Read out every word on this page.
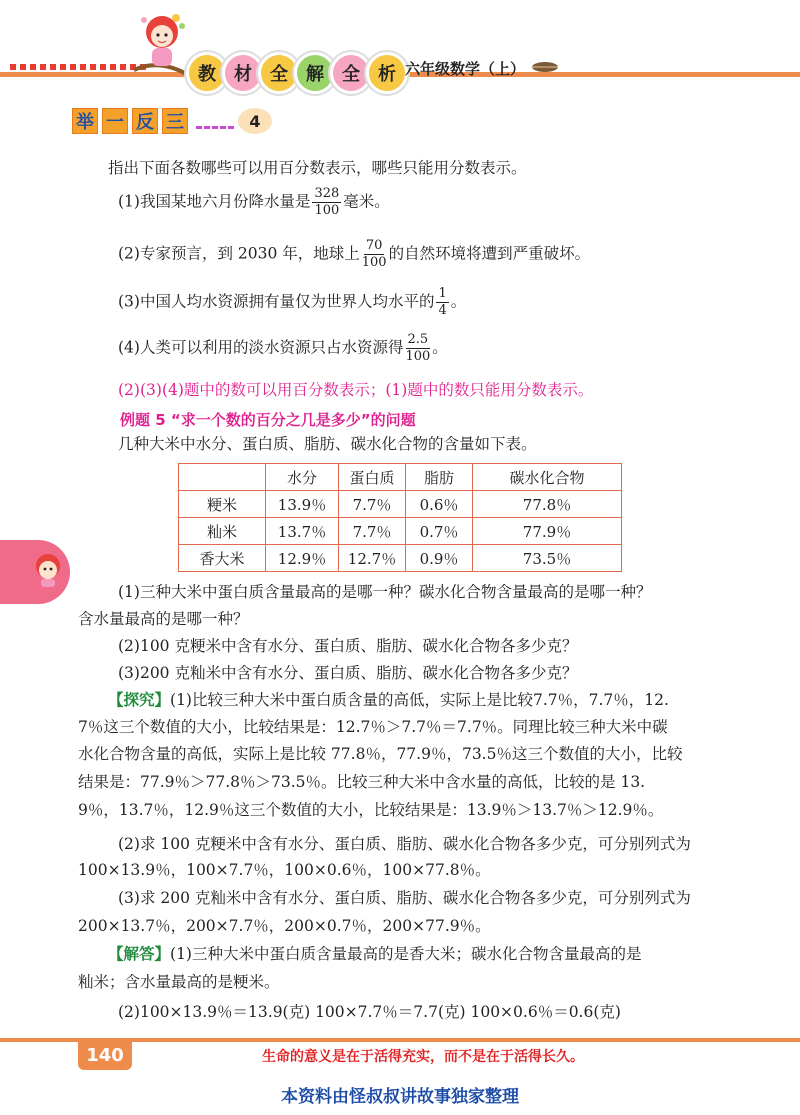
教	材	全	解	全	析 六年级数学（上）
举 一 反 三	4
指出下面各数哪些可以用百分数表示，哪些只能用分数表示。
(1)我国某地六月份降水量是 $\frac{328}{100}$ 毫米。
(2)专家预言，到 2030 年，地球上 $\frac{70}{100}$ 的自然环境将遭到严重破坏。
(3)中国人均水资源拥有量仅为世界人均水平的 $\frac{1}{4}$ 。
(4)人类可以利用的淡水资源只占水资源得 $\frac{2.5}{100}$ 。
(2)(3)(4)题中的数可以用百分数表示；(1)题中的数只能用分数表示。
例题 5 “求一个数的百分之几是多少”的问题
几种大米中水分、蛋白质、脂肪、碳水化合物的含量如下表。
	水分	蛋白质	脂肪	碳水化合物
粳米	13.9％	7.7％	0.6％	77.8％
籼米	13.7％	7.7％	0.7％	77.9％
香大米	12.9％	12.7％	0.9％	73.5％
(1)三种大米中蛋白质含量最高的是哪一种？碳水化合物含量最高的是哪一种？
含水量最高的是哪一种？
(2)100 克粳米中含有水分、蛋白质、脂肪、碳水化合物各多少克？
(3)200 克籼米中含有水分、蛋白质、脂肪、碳水化合物各多少克？
【探究】(1)比较三种大米中蛋白质含量的高低，实际上是比较7.7％，7.7％，12.
7％这三个数值的大小，比较结果是：12.7％＞7.7％＝7.7％。同理比较三种大米中碳
水化合物含量的高低，实际上是比较 77.8％，77.9％，73.5％这三个数值的大小，比较
结果是：77.9％＞77.8％＞73.5％。比较三种大米中含水量的高低，比较的是 13.
9％，13.7％，12.9％这三个数值的大小，比较结果是：13.9％＞13.7％＞12.9％。
(2)求 100 克粳米中含有水分、蛋白质、脂肪、碳水化合物各多少克，可分别列式为
100×13.9％，100×7.7％，100×0.6％，100×77.8％。
(3)求 200 克籼米中含有水分、蛋白质、脂肪、碳水化合物各多少克，可分别列式为
200×13.7％，200×7.7％，200×0.7％，200×77.9％。
【解答】(1)三种大米中蛋白质含量最高的是香大米；碳水化合物含量最高的是
籼米；含水量最高的是粳米。
(2)100×13.9％＝13.9(克) 100×7.7％＝7.7(克) 100×0.6％＝0.6(克)
140	生命的意义是在于活得充实，而不是在于活得长久。
本资料由怪叔叔讲故事独家整理
